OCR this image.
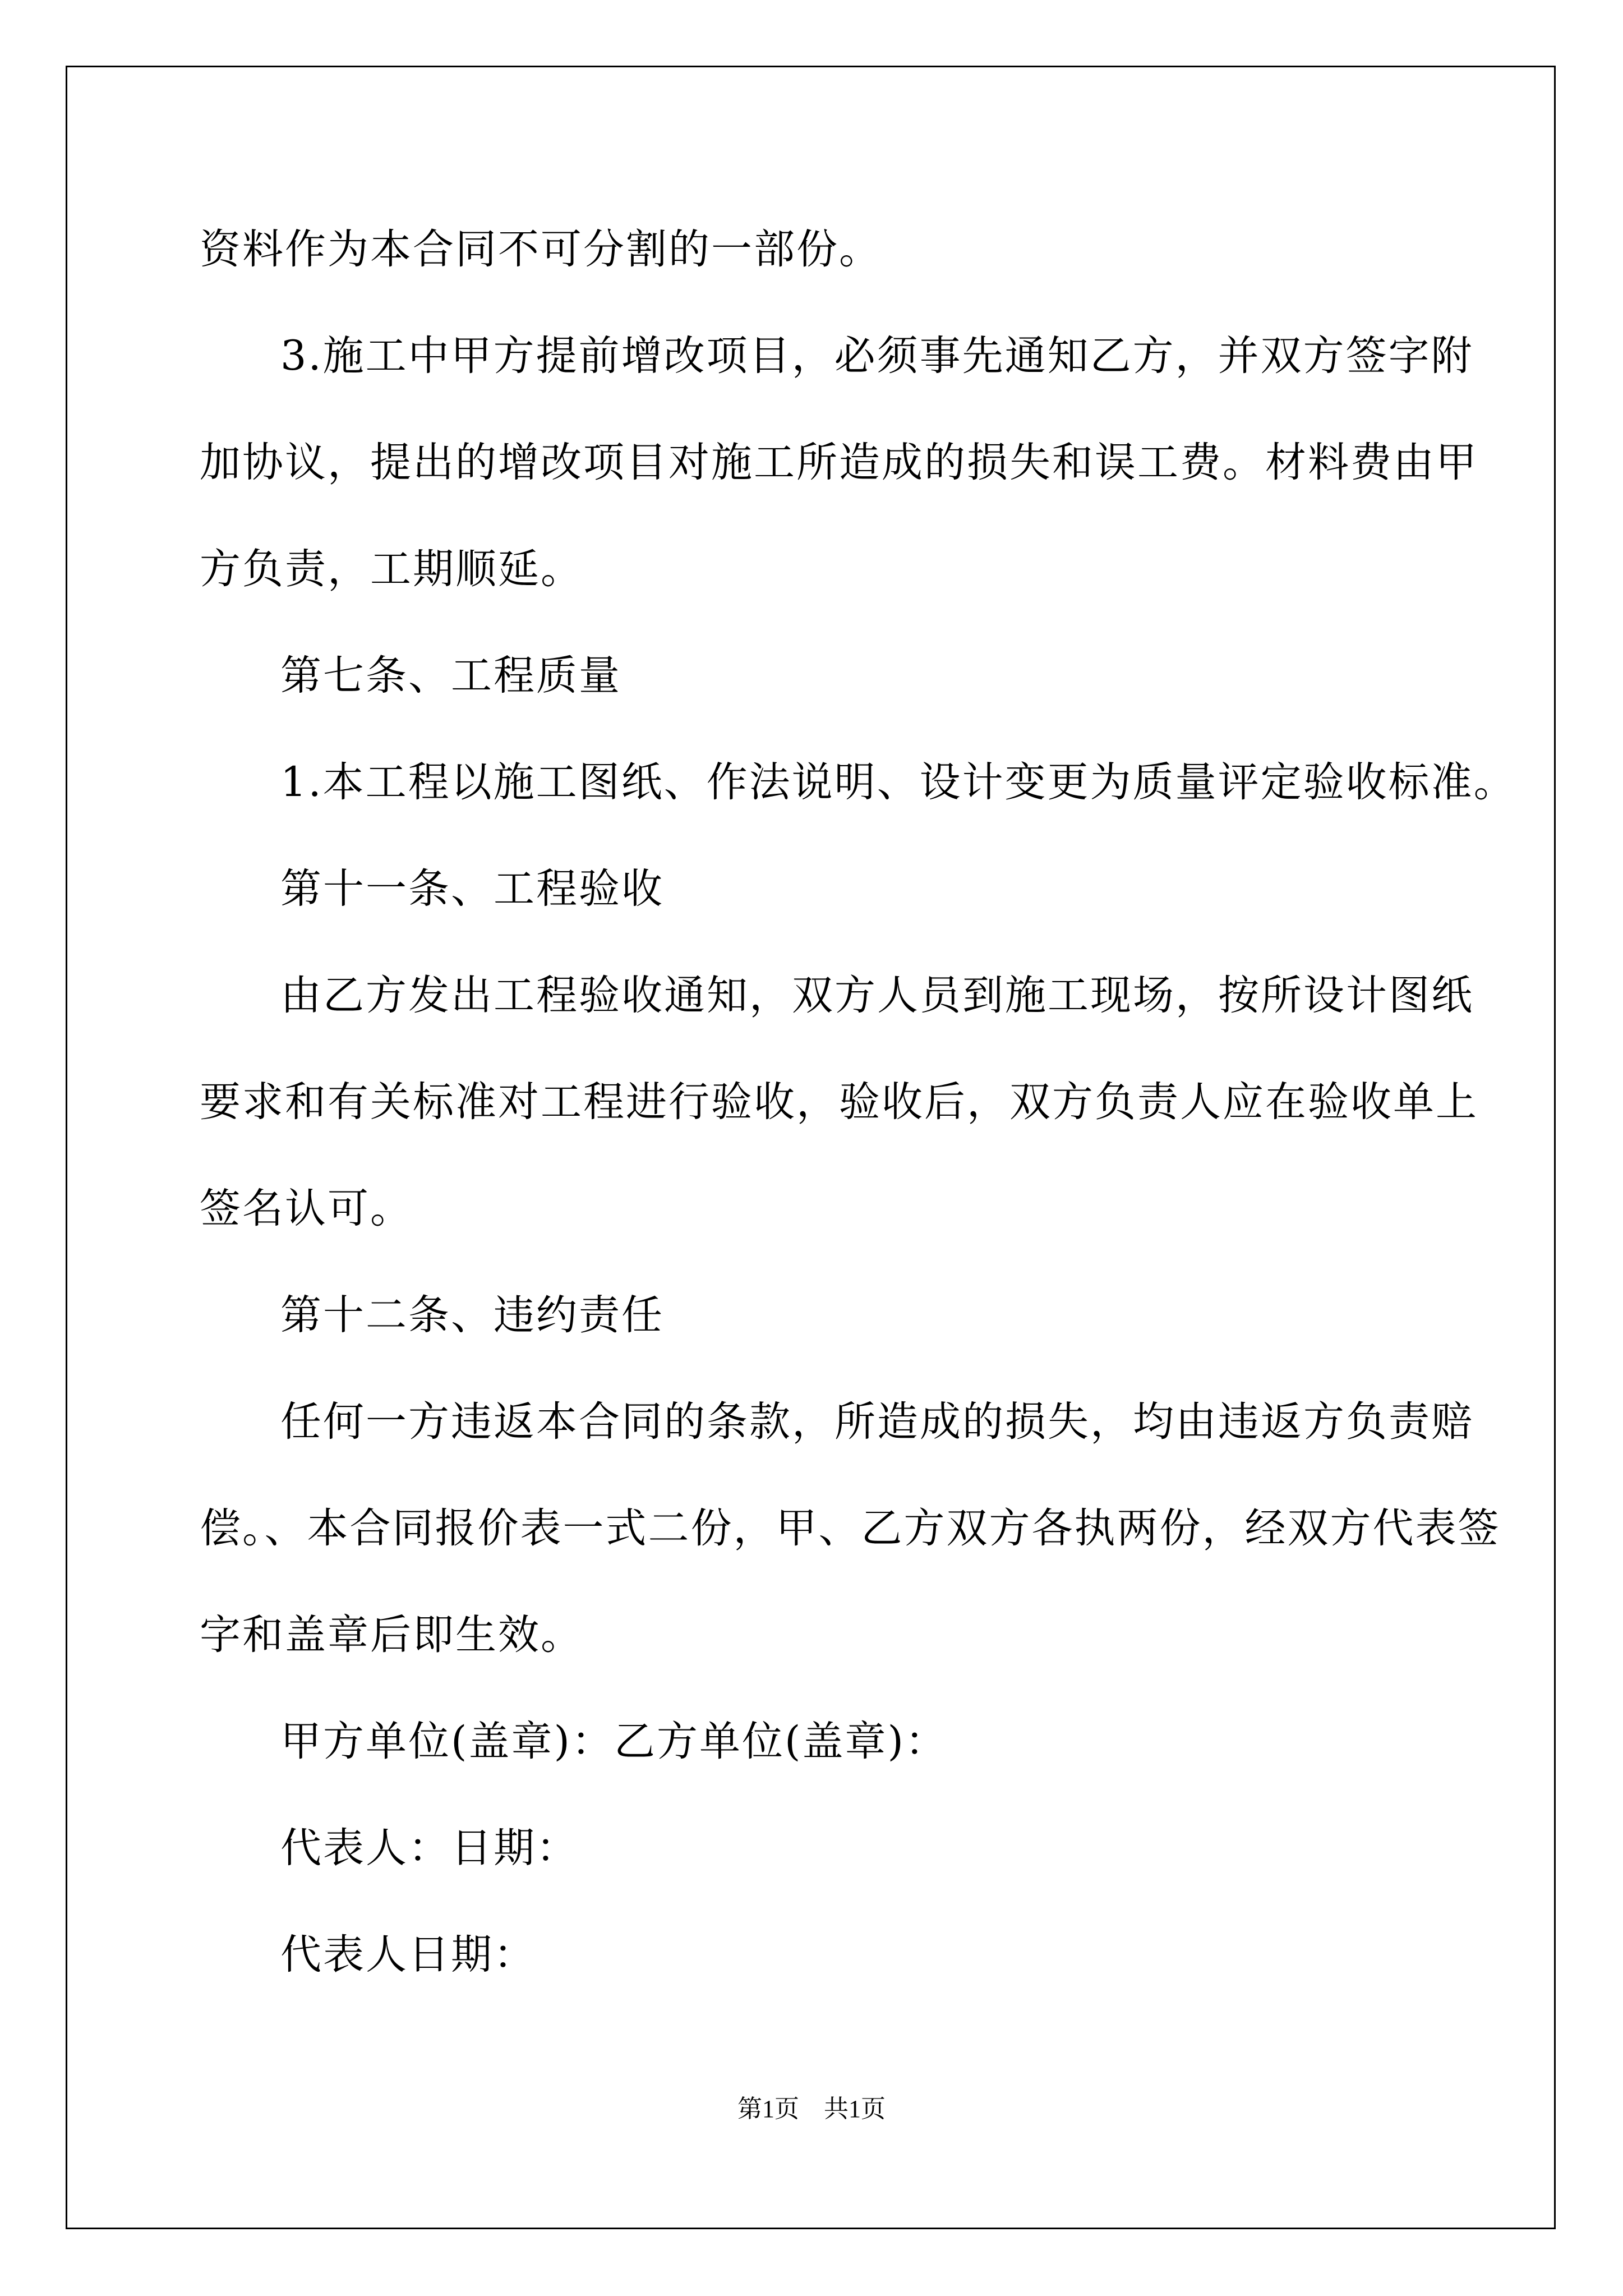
资料作为本合同不可分割的一部份。
3.施工中甲方提前增改项目，必须事先通知乙方，并双方签字附
加协议，提出的增改项目对施工所造成的损失和误工费。材料费由甲
方负责，工期顺延。
第七条、工程质量
1.本工程以施工图纸、作法说明、设计变更为质量评定验收标准。
第十一条、工程验收
由乙方发出工程验收通知，双方人员到施工现场，按所设计图纸
要求和有关标准对工程进行验收，验收后，双方负责人应在验收单上
签名认可。
第十二条、违约责任
任何一方违返本合同的条款，所造成的损失，均由违返方负责赔
偿。、本合同报价表一式二份，甲、乙方双方各执两份，经双方代表签
字和盖章后即生效。
甲方单位(盖章)：乙方单位(盖章)：
代表人：日期：
代表人日期：
第1页　共1页
